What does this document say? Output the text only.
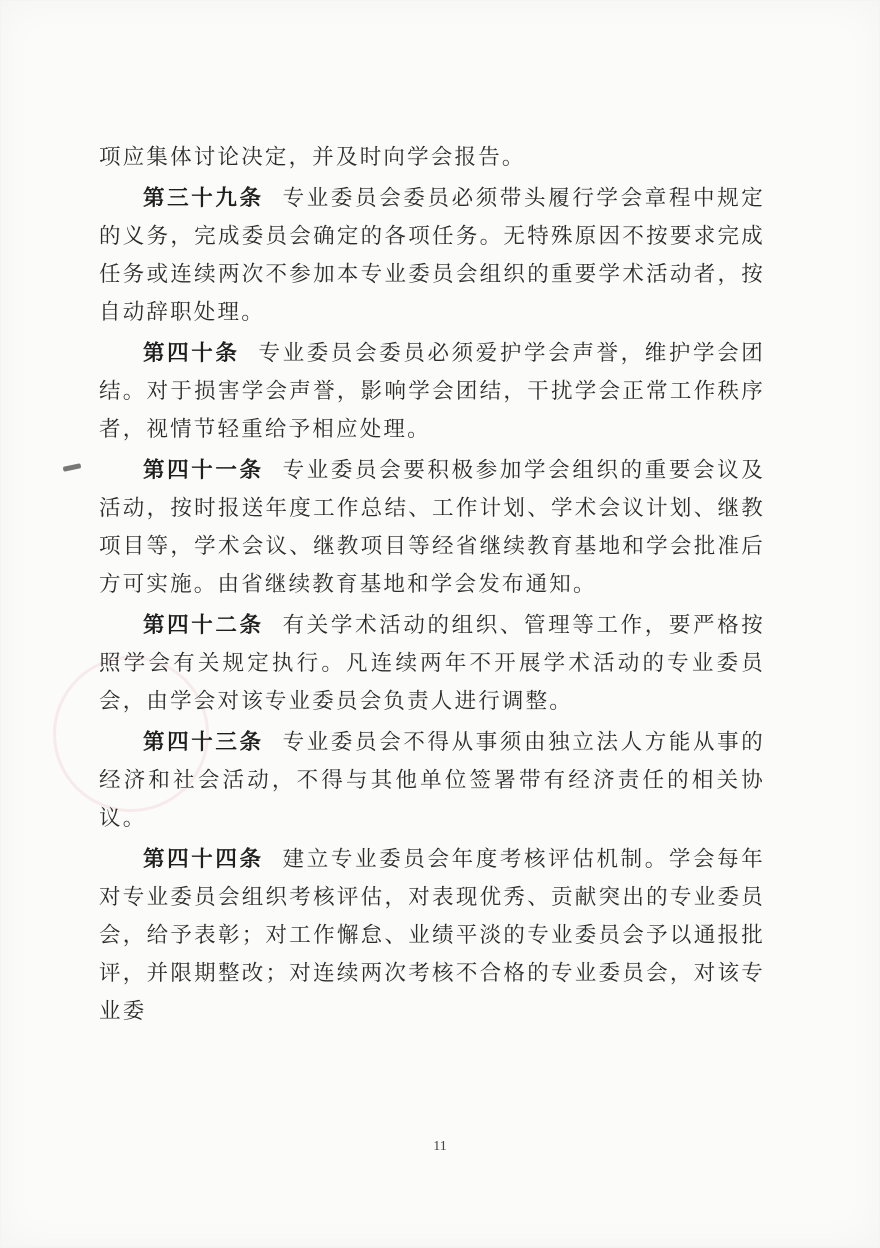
项应集体讨论决定，并及时向学会报告。

第三十九条 专业委员会委员必须带头履行学会章程中规定的义务，完成委员会确定的各项任务。无特殊原因不按要求完成任务或连续两次不参加本专业委员会组织的重要学术活动者，按自动辞职处理。

第四十条 专业委员会委员必须爱护学会声誉，维护学会团结。对于损害学会声誉，影响学会团结，干扰学会正常工作秩序者，视情节轻重给予相应处理。

第四十一条 专业委员会要积极参加学会组织的重要会议及活动，按时报送年度工作总结、工作计划、学术会议计划、继教项目等，学术会议、继教项目等经省继续教育基地和学会批准后方可实施。由省继续教育基地和学会发布通知。

第四十二条 有关学术活动的组织、管理等工作，要严格按照学会有关规定执行。凡连续两年不开展学术活动的专业委员会，由学会对该专业委员会负责人进行调整。

第四十三条 专业委员会不得从事须由独立法人方能从事的经济和社会活动，不得与其他单位签署带有经济责任的相关协议。

第四十四条 建立专业委员会年度考核评估机制。学会每年对专业委员会组织考核评估，对表现优秀、贡献突出的专业委员会，给予表彰；对工作懈怠、业绩平淡的专业委员会予以通报批评，并限期整改；对连续两次考核不合格的专业委员会，对该专业委

11
